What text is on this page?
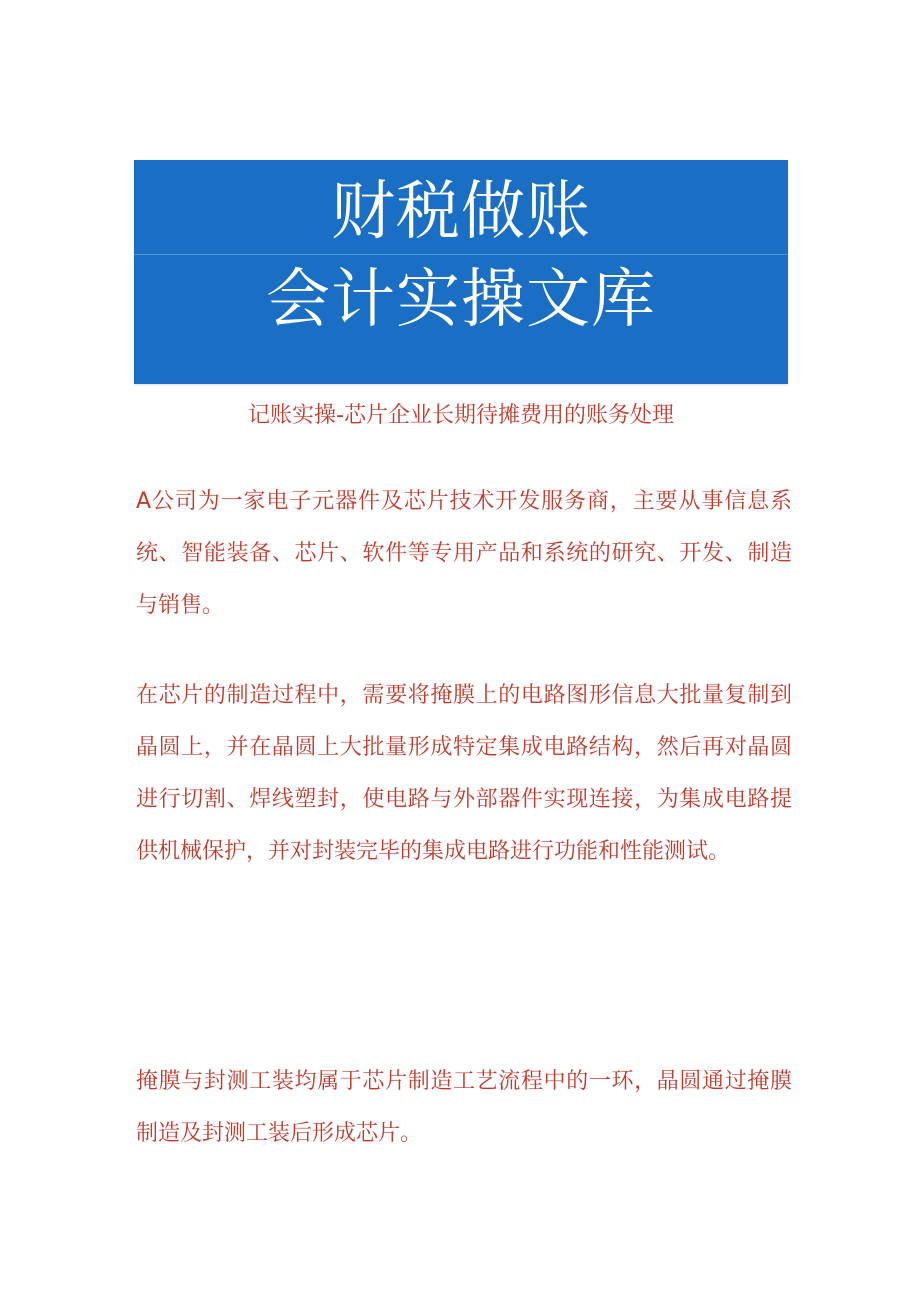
财税做账
会计实操文库
记账实操-芯片企业长期待摊费用的账务处理

A公司为一家电子元器件及芯片技术开发服务商，主要从事信息系统、智能装备、芯片、软件等专用产品和系统的研究、开发、制造与销售。

在芯片的制造过程中，需要将掩膜上的电路图形信息大批量复制到晶圆上，并在晶圆上大批量形成特定集成电路结构，然后再对晶圆进行切割、焊线塑封，使电路与外部器件实现连接，为集成电路提供机械保护，并对封装完毕的集成电路进行功能和性能测试。

掩膜与封测工装均属于芯片制造工艺流程中的一环，晶圆通过掩膜制造及封测工装后形成芯片。
